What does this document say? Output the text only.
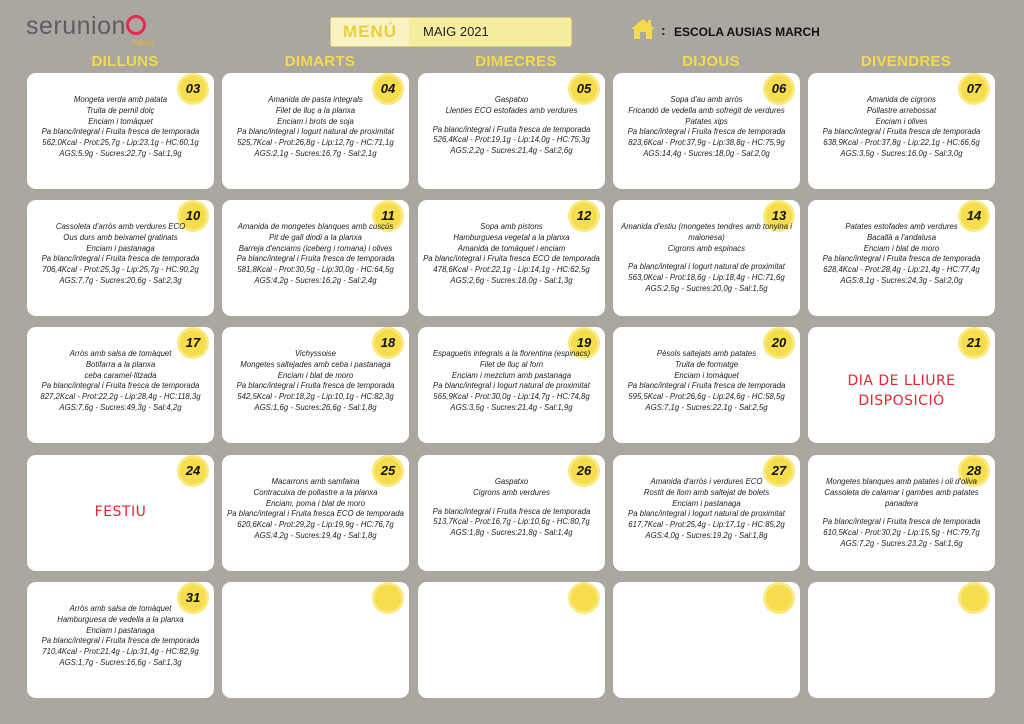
serunion
educa
MENÚ	MAIG 2021	: ESCOLA AUSIAS MARCH
DILLUNS	DIMARTS	DIMECRES	DIJOUS	DIVENDRES
03
Mongeta verda amb patata
Truita de pernil dolç
Enciam i tomàquet
Pa blanc/integral i Fruita fresca de temporada
562,0Kcal - Prot:25,7g - Lip:23,1g - HC:60,1g
AGS:5,9g - Sucres:22,7g - Sal:1,9g
04
Amanida de pasta integrals
Filet de lluç a la planxa
Enciam i brots de soja
Pa blanc/integral i Iogurt natural de proximitat
525,7Kcal - Prot:26,8g - Lip:12,7g - HC:71,1g
AGS:2,1g - Sucres:16,7g - Sal:2,1g
05
Gaspatxo
Llenties ECO estofades amb verdures
Pa blanc/integral i Fruita fresca de temporada
526,4Kcal - Prot:19,1g - Lip:14,0g - HC:75,3g
AGS:2,2g - Sucres:21,4g - Sal:2,6g
06
Sopa d'au amb arròs
Fricandó de vedella amb sofregit de verdures
Patates xips
Pa blanc/integral i Fruita fresca de temporada
823,6Kcal - Prot:37,9g - Lip:38,8g - HC:75,9g
AGS:14,4g - Sucres:18,0g - Sal:2,0g
07
Amanida de cigrons
Pollastre arrebossat
Enciam i olives
Pa blanc/integral i Fruita fresca de temporada
638,9Kcal - Prot:37,8g - Lip:22,1g - HC:66,6g
AGS:3,5g - Sucres:16,0g - Sal:3,0g
10
Cassoleta d'arròs amb verdures ECO
Ous durs amb beixamel gratinats
Enciam i pastanaga
Pa blanc/integral i Fruita fresca de temporada
706,4Kcal - Prot:25,3g - Lip:25,7g - HC:90,2g
AGS:7,7g - Sucres:20,6g - Sal:2,3g
11
Amanida de mongetes blanques amb cuscús
Pit de gall dindi a la planxa
Barreja d'enciams (iceberg i romana) i olives
Pa blanc/integral i Fruita fresca de temporada
581,8Kcal - Prot:30,5g - Lip:30,0g - HC:64,5g
AGS:4,2g - Sucres:16,2g - Sal:2,4g
12
Sopa amb pistons
Hamburguesa vegetal a la planxa
Amanida de tomàquet i enciam
Pa blanc/integral i Fruita fresca ECO de temporada
478,6Kcal - Prot:22,1g - Lip:14,1g - HC:62,5g
AGS:2,6g - Sucres:18,0g - Sal:1,3g
13
Amanida d'estiu (mongetes tendres amb tonyina i maionesa)
Cigrons amb espinacs
Pa blanc/integral i Iogurt natural de proximitat
563,0Kcal - Prot:18,6g - Lip:18,4g - HC:71,6g
AGS:2,5g - Sucres:20,0g - Sal:1,5g
14
Patates estofades amb verdures
Bacallà a l'andalusa
Enciam i blat de moro
Pa blanc/integral i Fruita fresca de temporada
628,4Kcal - Prot:28,4g - Lip:21,4g - HC:77,4g
AGS:8,1g - Sucres:24,3g - Sal:2,0g
17
Arròs amb salsa de tomàquet
Botifarra a la planxa
ceba caramel·litzada
Pa blanc/integral i Fruita fresca de temporada
827,2Kcal - Prot:22,2g - Lip:28,4g - HC:118,3g
AGS:7,6g - Sucres:49,3g - Sal:4,2g
18
Vichyssoise
Mongetes saltejades amb ceba i pastanaga
Enciam i blat de moro
Pa blanc/integral i Fruita fresca de temporada
542,5Kcal - Prot:18,2g - Lip:10,1g - HC:82,3g
AGS:1,6g - Sucres:26,6g - Sal:1,8g
19
Espaguetis integrals a la florentina (espinacs)
Filet de lluç al forn
Enciam i mezclum amb pastanaga
Pa blanc/integral i Iogurt natural de proximitat
565,9Kcal - Prot:30,0g - Lip:14,7g - HC:74,8g
AGS:3,5g - Sucres:21,4g - Sal:1,9g
20
Pèsols saltejats amb patates
Truita de formatge
Enciam i tomàquet
Pa blanc/integral i Fruita fresca de temporada
595,5Kcal - Prot:26,6g - Lip:24,6g - HC:58,5g
AGS:7,1g - Sucres:22,1g - Sal:2,5g
21
DIA DE LLIURE DISPOSICIÓ
24
FESTIU
25
Macarrons amb samfaina
Contracuixa de pollastre a la planxa
Enciam, poma i blat de moro
Pa blanc/integral i Fruita fresca ECO de temporada
620,6Kcal - Prot:29,2g - Lip:19,9g - HC:76,7g
AGS:4,2g - Sucres:19,4g - Sal:1,8g
26
Gaspatxo
Cigrons amb verdures
Pa blanc/integral i Fruita fresca de temporada
513,7Kcal - Prot:16,7g - Lip:10,6g - HC:80,7g
AGS:1,8g - Sucres:21,8g - Sal:1,4g
27
Amanida d'arròs i verdures ECO
Rostit de llom amb saltejat de bolets
Enciam i pastanaga
Pa blanc/integral i Iogurt natural de proximitat
617,7Kcal - Prot:25,4g - Lip:17,1g - HC:85,2g
AGS:4,0g - Sucres:19,2g - Sal:1,8g
28
Mongetes blanques amb patates i oli d'oliva
Cassoleta de calamar i gambes amb patates panadera
Pa blanc/integral i Fruita fresca de temporada
610,5Kcal - Prot:30,2g - Lip:15,5g - HC:79,7g
AGS:7,2g - Sucres:23,2g - Sal:1,6g
31
Arròs amb salsa de tomàquet
Hamburguesa de vedella a la planxa
Enciam i pastanaga
Pa blanc/integral i Fruita fresca de temporada
710,4Kcal - Prot:21,4g - Lip:31,4g - HC:82,9g
AGS:1,7g - Sucres:16,6g - Sal:1,3g
